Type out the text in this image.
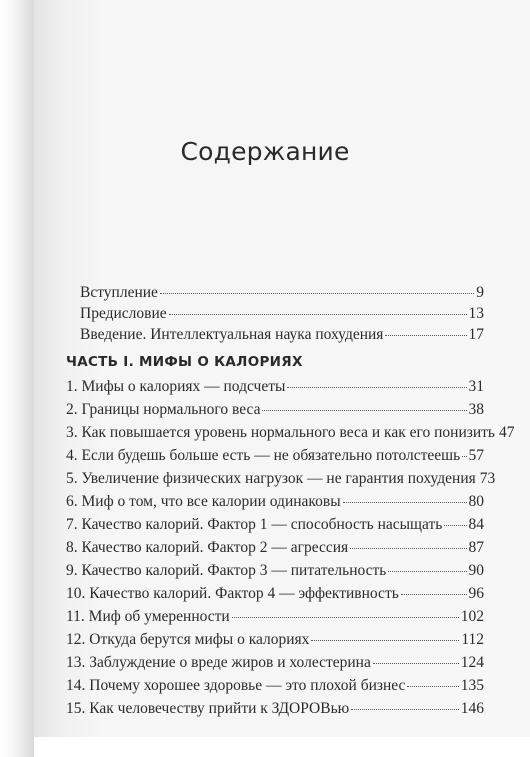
Содержание
Вступление	9
Предисловие	13
Введение. Интеллектуальная наука похудения	17
ЧАСТЬ I. МИФЫ О КАЛОРИЯХ
1. Мифы о калориях — подсчеты	31
2. Границы нормального веса	38
3. Как повышается уровень нормального веса и как его понизить 47
4. Если будешь больше есть — не обязательно потолстеешь 57
5. Увеличение физических нагрузок — не гарантия похудения 73
6. Миф о том, что все калории одинаковы	80
7. Качество калорий. Фактор 1 — способность насыщать 84
8. Качество калорий. Фактор 2 — агрессия	87
9. Качество калорий. Фактор 3 — питательность	90
10. Качество калорий. Фактор 4 — эффективность	96
11. Миф об умеренности	102
12. Откуда берутся мифы о калориях	112
13. Заблуждение о вреде жиров и холестерина	124
14. Почему хорошее здоровье — это плохой бизнес	135
15. Как человечеству прийти к ЗДОРОВью	146
